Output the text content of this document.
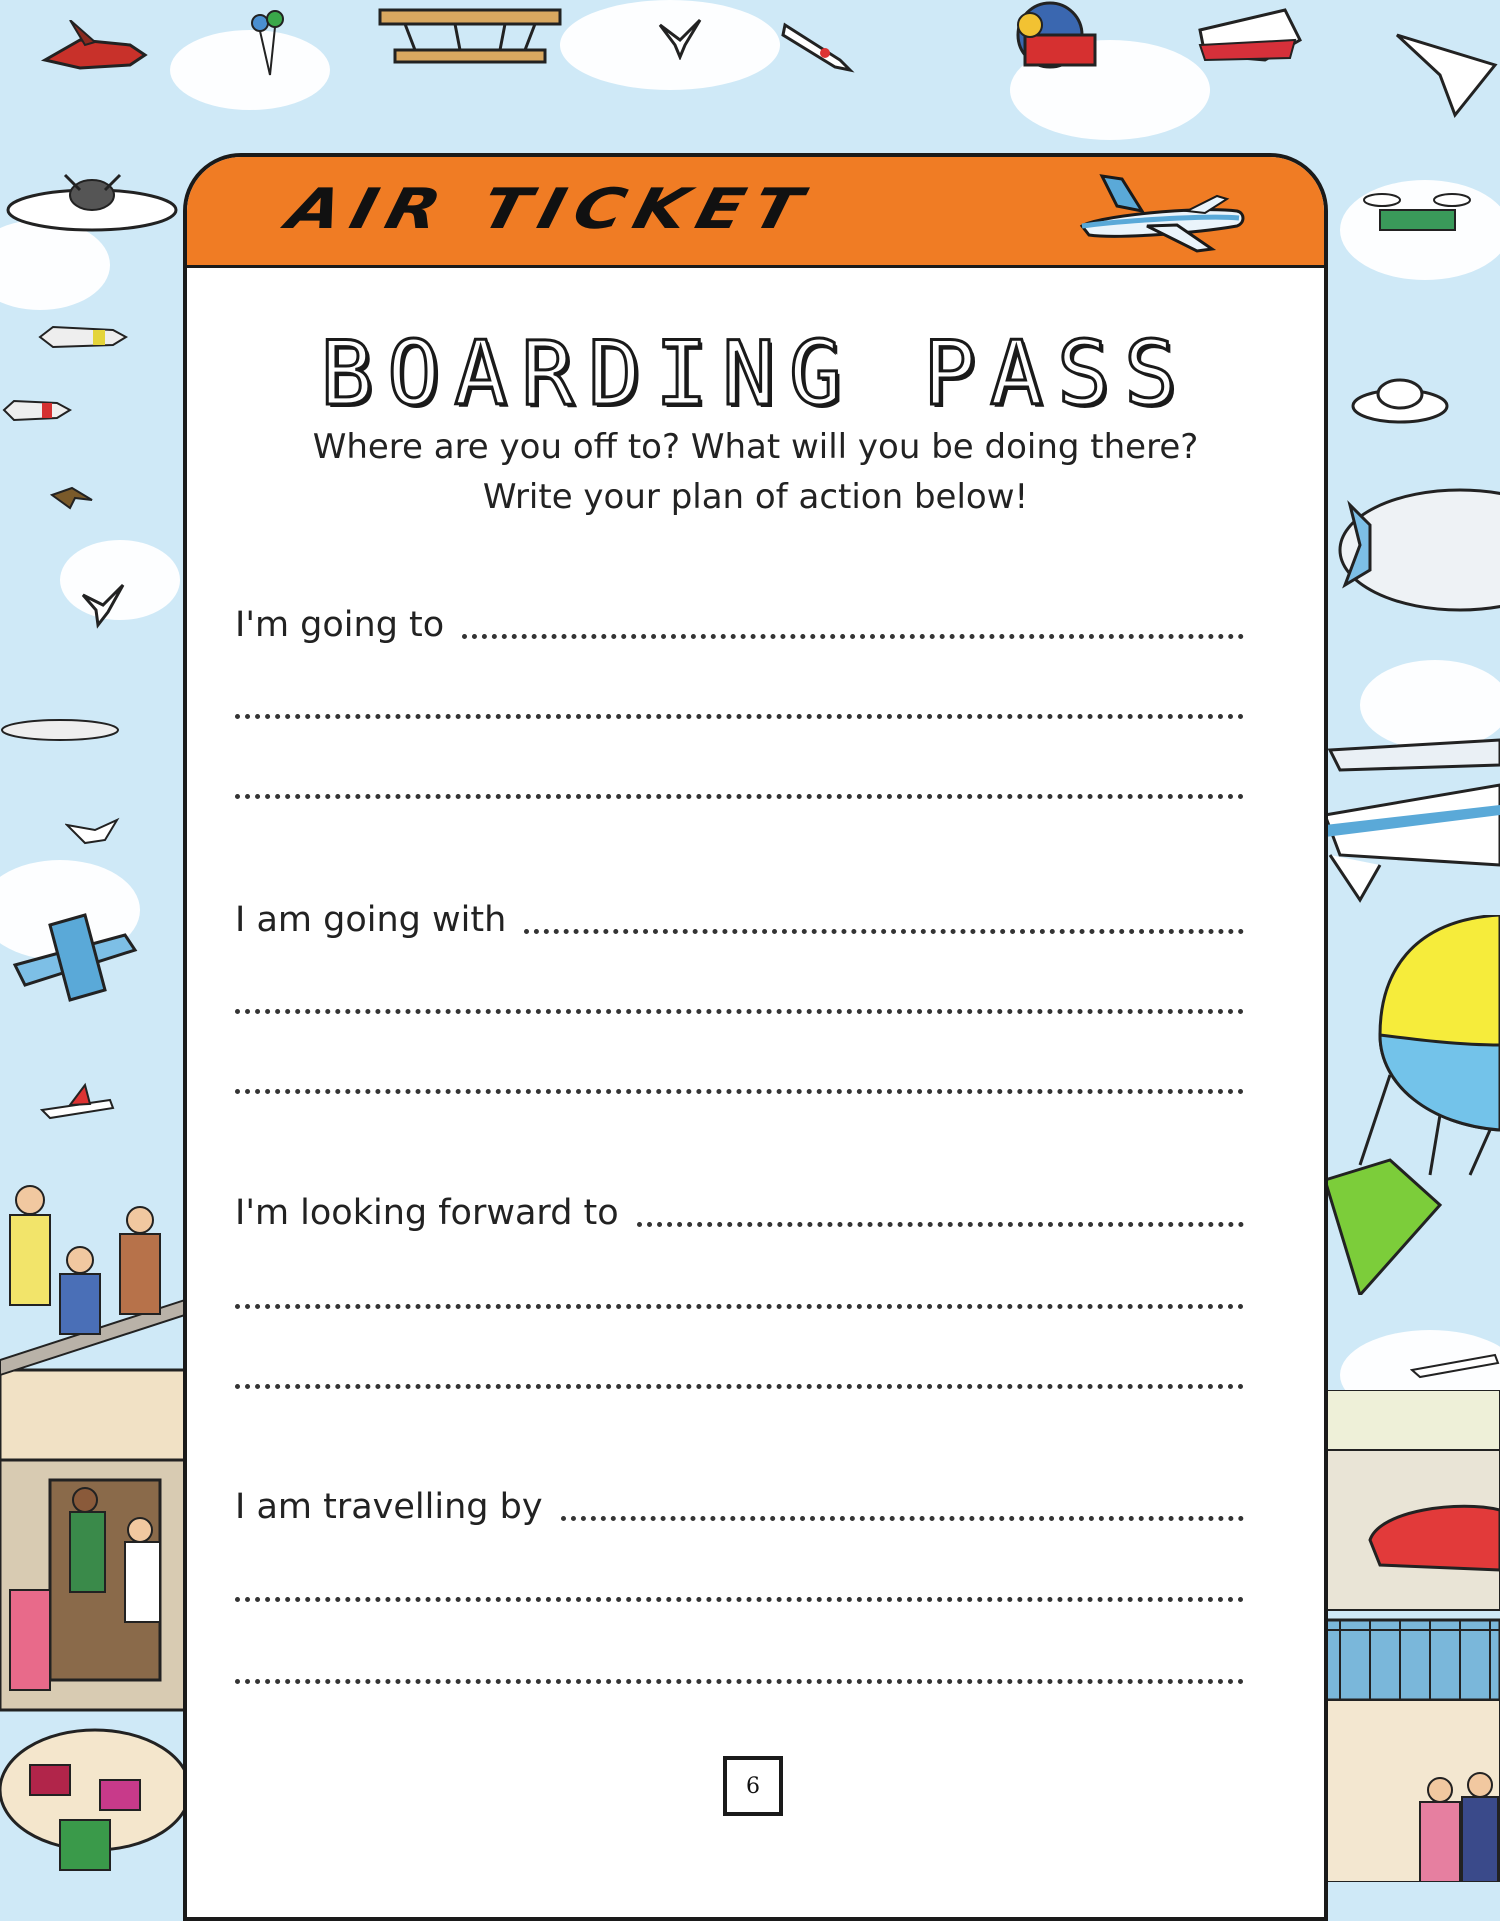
AIR TICKET
BOARDING PASS
Where are you off to? What will you be doing there?
Write your plan of action below!
I'm going to
I am going with
I'm looking forward to
I am travelling by
6
